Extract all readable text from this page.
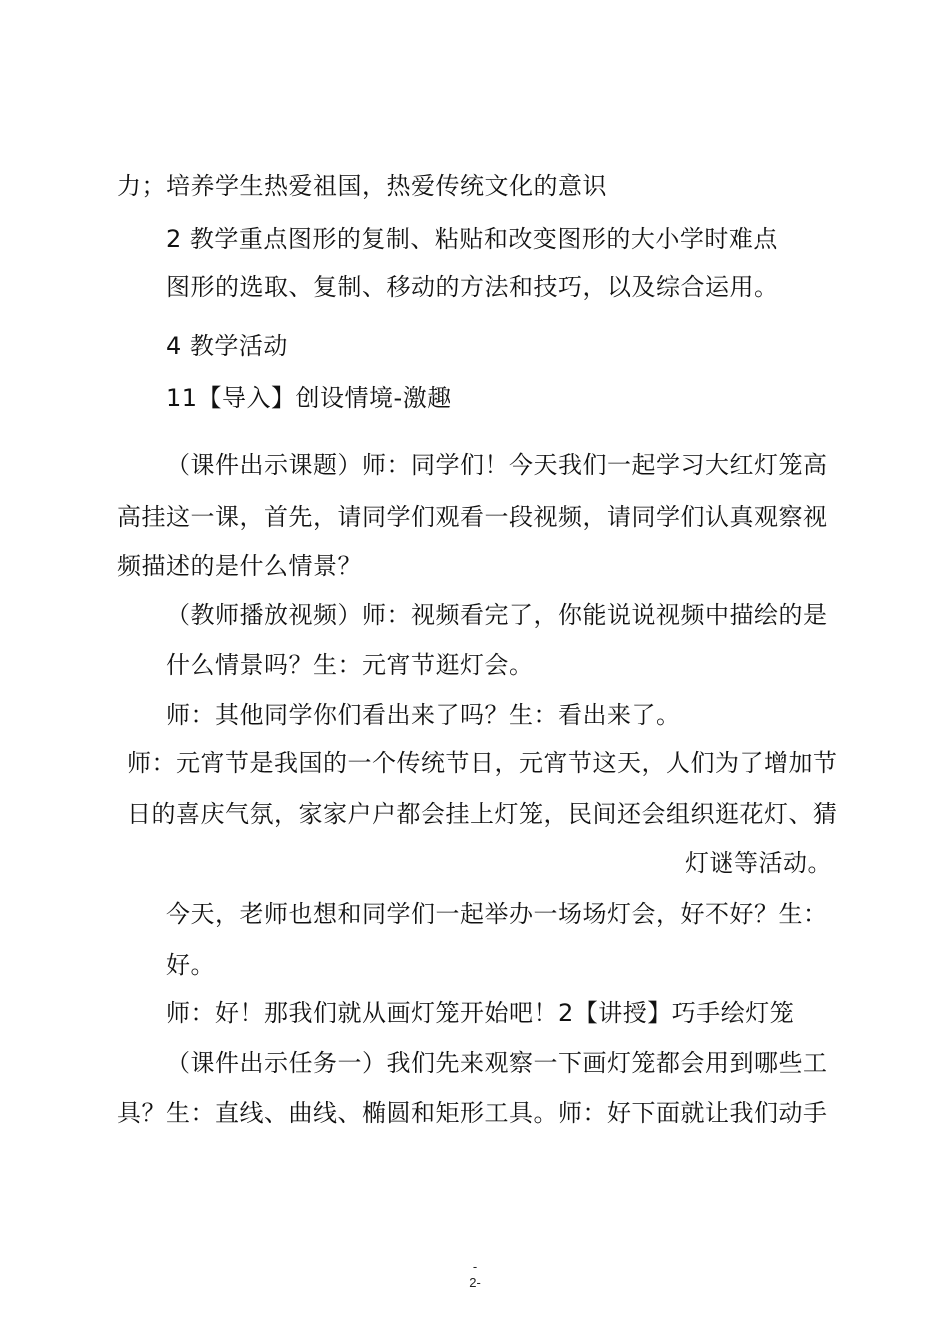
力；培养学生热爱祖国，热爱传统文化的意识
2 教学重点图形的复制、粘贴和改变图形的大小学时难点
图形的选取、复制、移动的方法和技巧，以及综合运用。
4 教学活动
11【导入】创设情境-激趣
（课件出示课题）师：同学们！今天我们一起学习大红灯笼高
高挂这一课，首先，请同学们观看一段视频，请同学们认真观察视
频描述的是什么情景？
（教师播放视频）师：视频看完了，你能说说视频中描绘的是
什么情景吗？生：元宵节逛灯会。
师：其他同学你们看出来了吗？生：看出来了。
师：元宵节是我国的一个传统节日，元宵节这天，人们为了增加节
日的喜庆气氛，家家户户都会挂上灯笼，民间还会组织逛花灯、猜
灯谜等活动。
今天，老师也想和同学们一起举办一场场灯会，好不好？生：
好。
师：好！那我们就从画灯笼开始吧！2【讲授】巧手绘灯笼
（课件出示任务一）我们先来观察一下画灯笼都会用到哪些工
具？生：直线、曲线、椭圆和矩形工具。师：好下面就让我们动手
-
2-
